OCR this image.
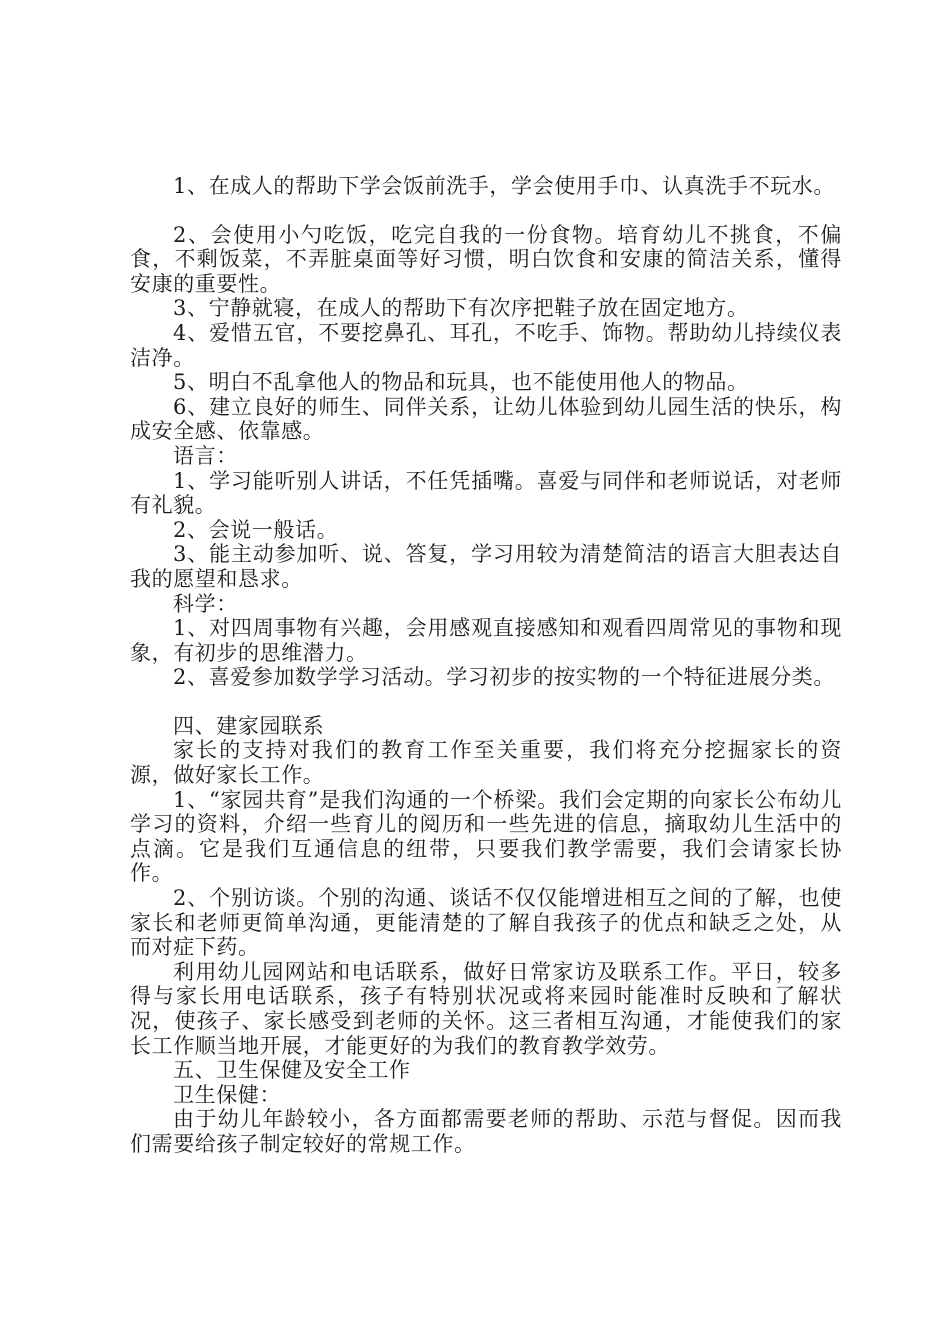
1、在成人的帮助下学会饭前洗手，学会使用手巾、认真洗手不玩水。

2、会使用小勺吃饭，吃完自我的一份食物。培育幼儿不挑食，不偏食，不剩饭菜，不弄脏桌面等好习惯，明白饮食和安康的简洁关系，懂得安康的重要性。

3、宁静就寝，在成人的帮助下有次序把鞋子放在固定地方。

4、爱惜五官，不要挖鼻孔、耳孔，不吃手、饰物。帮助幼儿持续仪表洁净。

5、明白不乱拿他人的物品和玩具，也不能使用他人的物品。

6、建立良好的师生、同伴关系，让幼儿体验到幼儿园生活的快乐，构成安全感、依靠感。

语言：

1、学习能听别人讲话，不任凭插嘴。喜爱与同伴和老师说话，对老师有礼貌。

2、会说一般话。

3、能主动参加听、说、答复，学习用较为清楚简洁的语言大胆表达自我的愿望和恳求。

科学：

1、对四周事物有兴趣，会用感观直接感知和观看四周常见的事物和现象，有初步的思维潜力。

2、喜爱参加数学学习活动。学习初步的按实物的一个特征进展分类。

四、建家园联系

家长的支持对我们的教育工作至关重要，我们将充分挖掘家长的资源，做好家长工作。

1、“家园共育”是我们沟通的一个桥梁。我们会定期的向家长公布幼儿学习的资料，介绍一些育儿的阅历和一些先进的信息，摘取幼儿生活中的点滴。它是我们互通信息的纽带，只要我们教学需要，我们会请家长协作。

2、个别访谈。个别的沟通、谈话不仅仅能增进相互之间的了解，也使家长和老师更简单沟通，更能清楚的了解自我孩子的优点和缺乏之处，从而对症下药。

利用幼儿园网站和电话联系，做好日常家访及联系工作。平日，较多得与家长用电话联系，孩子有特别状况或将来园时能准时反映和了解状况，使孩子、家长感受到老师的关怀。这三者相互沟通，才能使我们的家长工作顺当地开展，才能更好的为我们的教育教学效劳。

五、卫生保健及安全工作

卫生保健：

由于幼儿年龄较小，各方面都需要老师的帮助、示范与督促。因而我们需要给孩子制定较好的常规工作。
